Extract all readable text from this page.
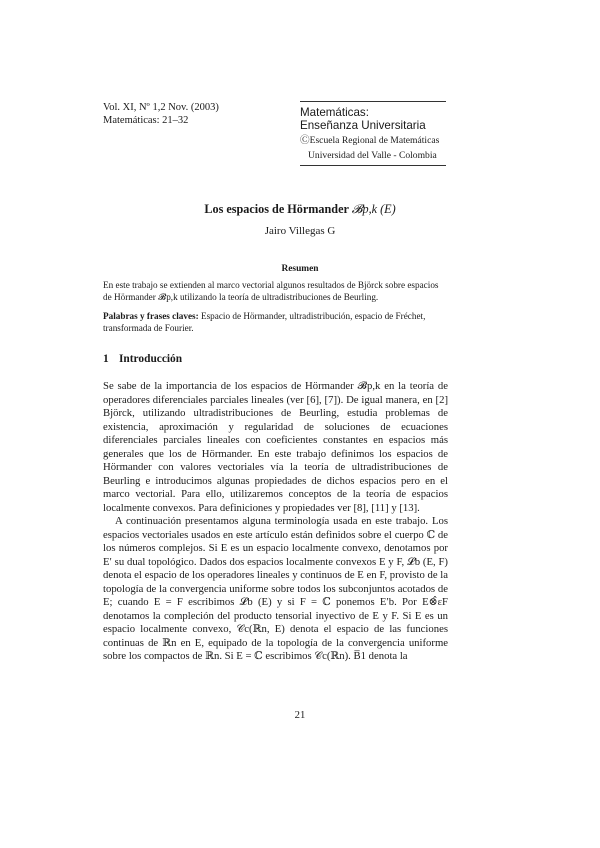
Vol. XI, Nº 1,2 Nov. (2003)
Matemáticas: 21–32
Matemáticas:
Enseñanza Universitaria
ⒸEscuela Regional de Matemáticas
Universidad del Valle - Colombia
Los espacios de Hörmander 𝓑p,k (E)
Jairo Villegas G
Resumen
En este trabajo se extienden al marco vectorial algunos resultados de Björck sobre espacios de Hörmander 𝓑p,k utilizando la teoría de ultradistribuciones de Beurling.
Palabras y frases claves: Espacio de Hörmander, ultradistribución, espacio de Fréchet, transformada de Fourier.
1 Introducción

Se sabe de la importancia de los espacios de Hörmander 𝓑p,k en la teoría de operadores diferenciales parciales lineales (ver [6], [7]). De igual manera, en [2] Björck, utilizando ultradistribuciones de Beurling, estudia problemas de existencia, aproximación y regularidad de soluciones de ecuaciones diferenciales parciales lineales con coeficientes constantes en espacios más generales que los de Hörmander. En este trabajo definimos los espacios de Hörmander con valores vectoriales vía la teoría de ultradistribuciones de Beurling e introducimos algunas propiedades de dichos espacios pero en el marco vectorial. Para ello, utilizaremos conceptos de la teoría de espacios localmente convexos. Para definiciones y propiedades ver [8], [11] y [13].

A continuación presentamos alguna terminología usada en este trabajo. Los espacios vectoriales usados en este artículo están definidos sobre el cuerpo ℂ de los números complejos. Si E es un espacio localmente convexo, denotamos por E′ su dual topológico. Dados dos espacios localmente convexos E y F, 𝓛b (E, F) denota el espacio de los operadores lineales y continuos de E en F, provisto de la topología de la convergencia uniforme sobre todos los subconjuntos acotados de E; cuando E = F escribimos 𝓛b (E) y si F = ℂ ponemos E′b. Por E⊗̂εF denotamos la compleción del producto tensorial inyectivo de E y F. Si E es un espacio localmente convexo, 𝒞c(ℝn, E) denota el espacio de las funciones continuas de ℝn en E, equipado de la topología de la convergencia uniforme sobre los compactos de ℝn. Si E = ℂ escribimos 𝒞c(ℝn). B̅1 denota la

21
